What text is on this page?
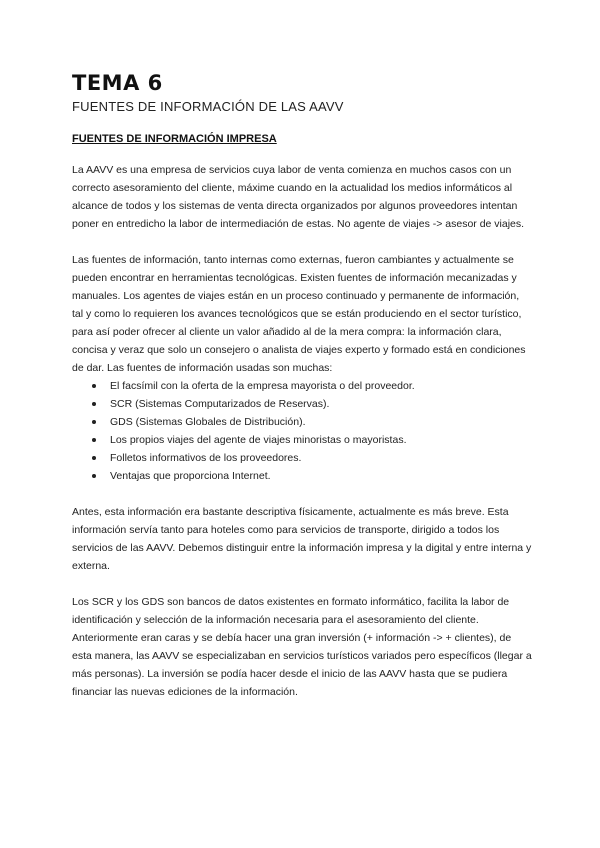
TEMA 6
FUENTES DE INFORMACIÓN DE LAS AAVV
FUENTES DE INFORMACIÓN IMPRESA

La AAVV es una empresa de servicios cuya labor de venta comienza en muchos casos con un correcto asesoramiento del cliente, máxime cuando en la actualidad los medios informáticos al alcance de todos y los sistemas de venta directa organizados por algunos proveedores intentan poner en entredicho la labor de intermediación de estas. No agente de viajes -> asesor de viajes.

Las fuentes de información, tanto internas como externas, fueron cambiantes y actualmente se pueden encontrar en herramientas tecnológicas. Existen fuentes de información mecanizadas y manuales. Los agentes de viajes están en un proceso continuado y permanente de información, tal y como lo requieren los avances tecnológicos que se están produciendo en el sector turístico, para así poder ofrecer al cliente un valor añadido al de la mera compra: la información clara, concisa y veraz que solo un consejero o analista de viajes experto y formado está en condiciones de dar. Las fuentes de información usadas son muchas:

El facsímil con la oferta de la empresa mayorista o del proveedor.
SCR (Sistemas Computarizados de Reservas).
GDS (Sistemas Globales de Distribución).
Los propios viajes del agente de viajes minoristas o mayoristas.
Folletos informativos de los proveedores.
Ventajas que proporciona Internet.

Antes, esta información era bastante descriptiva físicamente, actualmente es más breve. Esta información servía tanto para hoteles como para servicios de transporte, dirigido a todos los servicios de las AAVV. Debemos distinguir entre la información impresa y la digital y entre interna y externa.

Los SCR y los GDS son bancos de datos existentes en formato informático, facilita la labor de identificación y selección de la información necesaria para el asesoramiento del cliente. Anteriormente eran caras y se debía hacer una gran inversión (+ información -> + clientes), de esta manera, las AAVV se especializaban en servicios turísticos variados pero específicos (llegar a más personas). La inversión se podía hacer desde el inicio de las AAVV hasta que se pudiera financiar las nuevas ediciones de la información.
